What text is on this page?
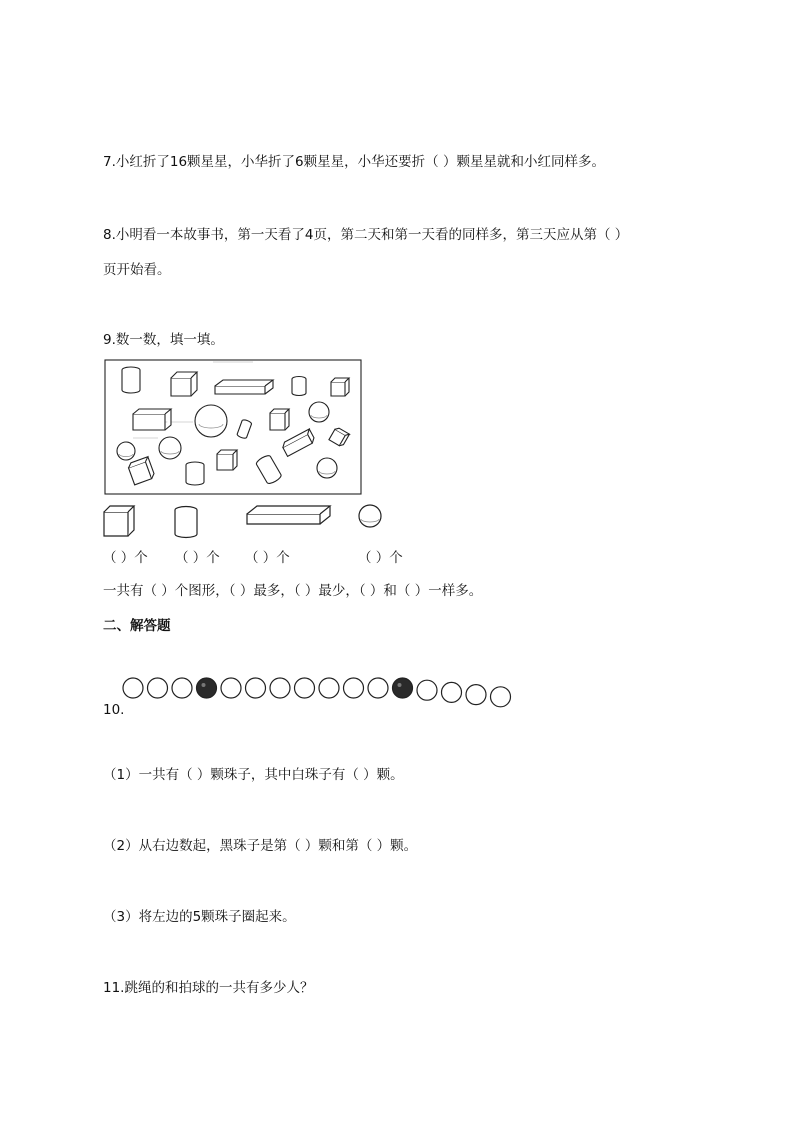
7.小红折了16颗星星，小华折了6颗星星，小华还要折（ ）颗星星就和小红同样多。
8.小明看一本故事书，第一天看了4页，第二天和第一天看的同样多，第三天应从第（ ）
页开始看。
9.数一数，填一填。
（ ）个 （ ）个 （ ）个	（ ）个
一共有（ ）个图形，（ ）最多，（ ）最少，（ ）和（ ）一样多。
二、解答题
10.
（1）一共有（ ）颗珠子，其中白珠子有（ ）颗。
（2）从右边数起，黑珠子是第（ ）颗和第（ ）颗。
（3）将左边的5颗珠子圈起来。
11.跳绳的和拍球的一共有多少人？
